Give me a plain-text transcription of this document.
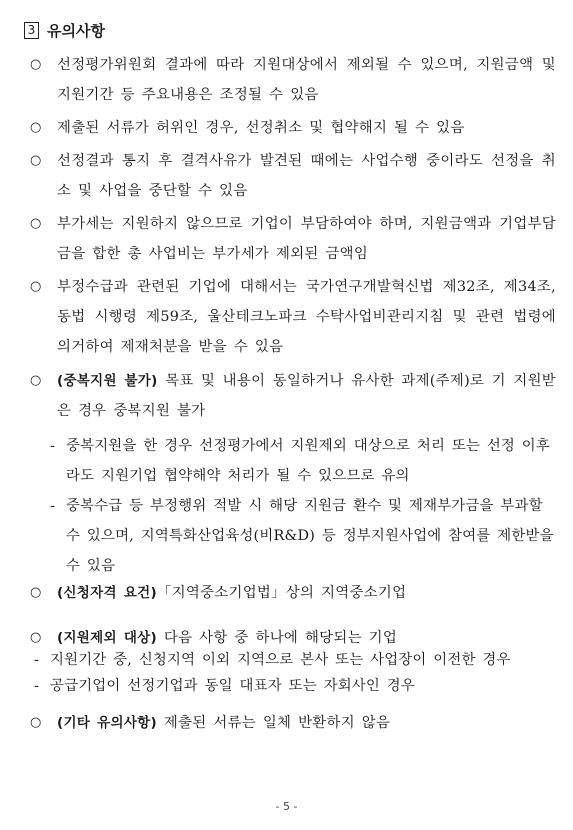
3 유의사항
○ 선정평가위원회 결과에 따라 지원대상에서 제외될 수 있으며, 지원금액 및 지원기간 등 주요내용은 조정될 수 있음
○ 제출된 서류가 허위인 경우, 선정취소 및 협약해지 될 수 있음
○ 선정결과 통지 후 결격사유가 발견된 때에는 사업수행 중이라도 선정을 취소 및 사업을 중단할 수 있음
○ 부가세는 지원하지 않으므로 기업이 부담하여야 하며, 지원금액과 기업부담금을 합한 총 사업비는 부가세가 제외된 금액임
○ 부정수급과 관련된 기업에 대해서는 국가연구개발혁신법 제32조, 제34조, 동법 시행령 제59조, 울산테크노파크 수탁사업비관리지침 및 관련 법령에 의거하여 제재처분을 받을 수 있음
○ (중복지원 불가) 목표 및 내용이 동일하거나 유사한 과제(주제)로 기 지원받은 경우 중복지원 불가
- 중복지원을 한 경우 선정평가에서 지원제외 대상으로 처리 또는 선정 이후라도 지원기업 협약해약 처리가 될 수 있으므로 유의
- 중복수급 등 부정행위 적발 시 해당 지원금 환수 및 제재부가금을 부과할 수 있으며, 지역특화산업육성(비R&D) 등 정부지원사업에 참여를 제한받을 수 있음
○ (신청자격 요건)「지역중소기업법」상의 지역중소기업
○ (지원제외 대상) 다음 사항 중 하나에 해당되는 기업
- 지원기간 중, 신청지역 이외 지역으로 본사 또는 사업장이 이전한 경우
- 공급기업이 선정기업과 동일 대표자 또는 자회사인 경우
○ (기타 유의사항) 제출된 서류는 일체 반환하지 않음
- 5 -
